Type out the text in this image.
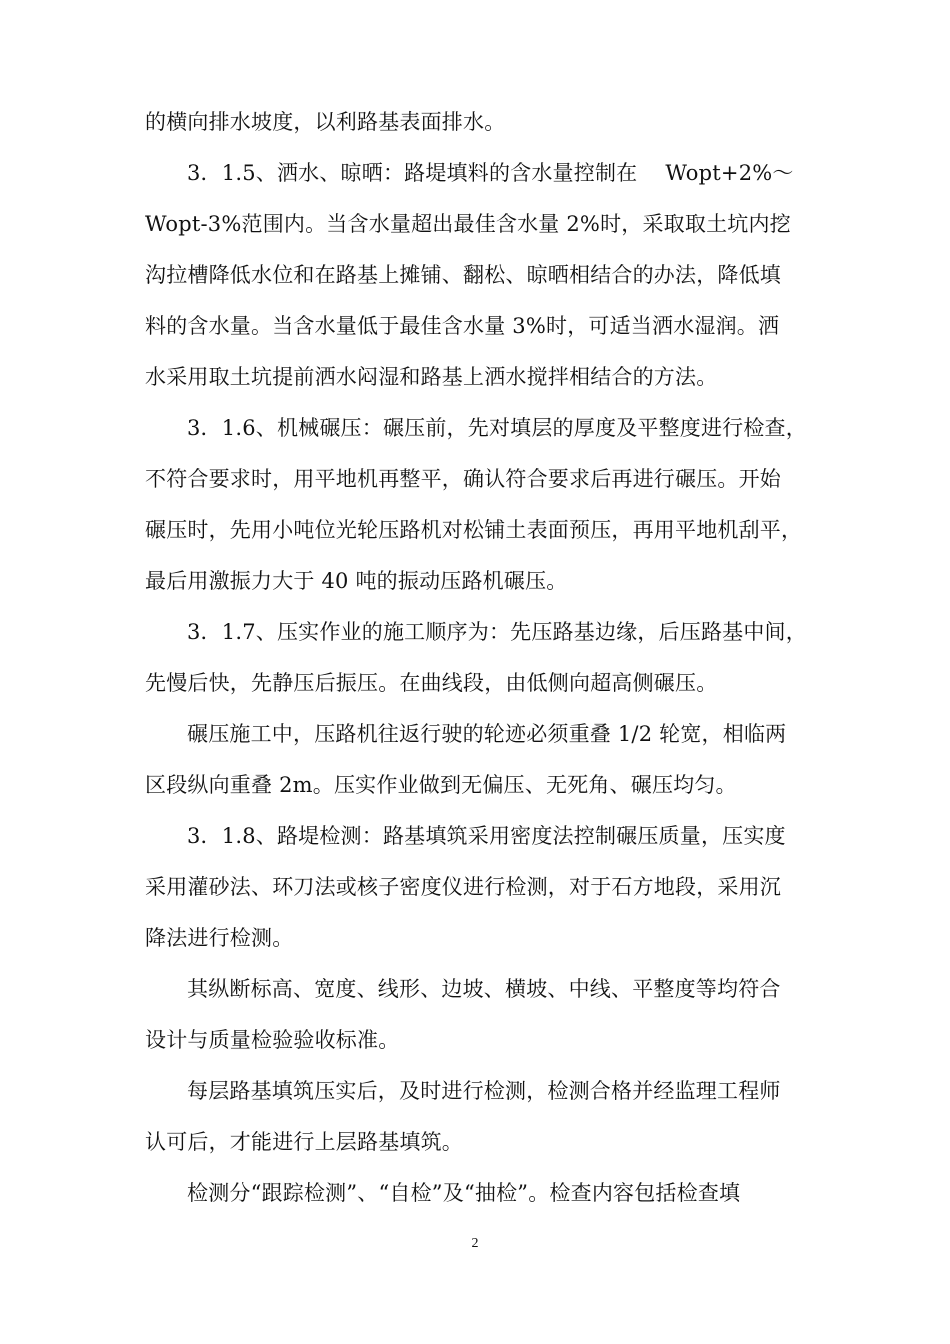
的横向排水坡度，以利路基表面排水。
3．1.5、洒水、晾晒：路堤填料的含水量控制在　 Wopt+2%～
Wopt-3%范围内。当含水量超出最佳含水量 2%时，采取取土坑内挖
沟拉槽降低水位和在路基上摊铺、翻松、晾晒相结合的办法，降低填
料的含水量。当含水量低于最佳含水量 3%时，可适当洒水湿润。洒
水采用取土坑提前洒水闷湿和路基上洒水搅拌相结合的方法。
3．1.6、机械碾压：碾压前，先对填层的厚度及平整度进行检查，
不符合要求时，用平地机再整平，确认符合要求后再进行碾压。开始
碾压时，先用小吨位光轮压路机对松铺土表面预压，再用平地机刮平，
最后用激振力大于 40 吨的振动压路机碾压。
3．1.7、压实作业的施工顺序为：先压路基边缘，后压路基中间，
先慢后快，先静压后振压。在曲线段，由低侧向超高侧碾压。
碾压施工中，压路机往返行驶的轮迹必须重叠 1/2 轮宽，相临两
区段纵向重叠 2m。压实作业做到无偏压、无死角、碾压均匀。
3．1.8、路堤检测：路基填筑采用密度法控制碾压质量，压实度
采用灌砂法、环刀法或核子密度仪进行检测，对于石方地段，采用沉
降法进行检测。
其纵断标高、宽度、线形、边坡、横坡、中线、平整度等均符合
设计与质量检验验收标准。
每层路基填筑压实后，及时进行检测，检测合格并经监理工程师
认可后，才能进行上层路基填筑。
检测分“跟踪检测”、“自检”及“抽检”。检查内容包括检查填
2
